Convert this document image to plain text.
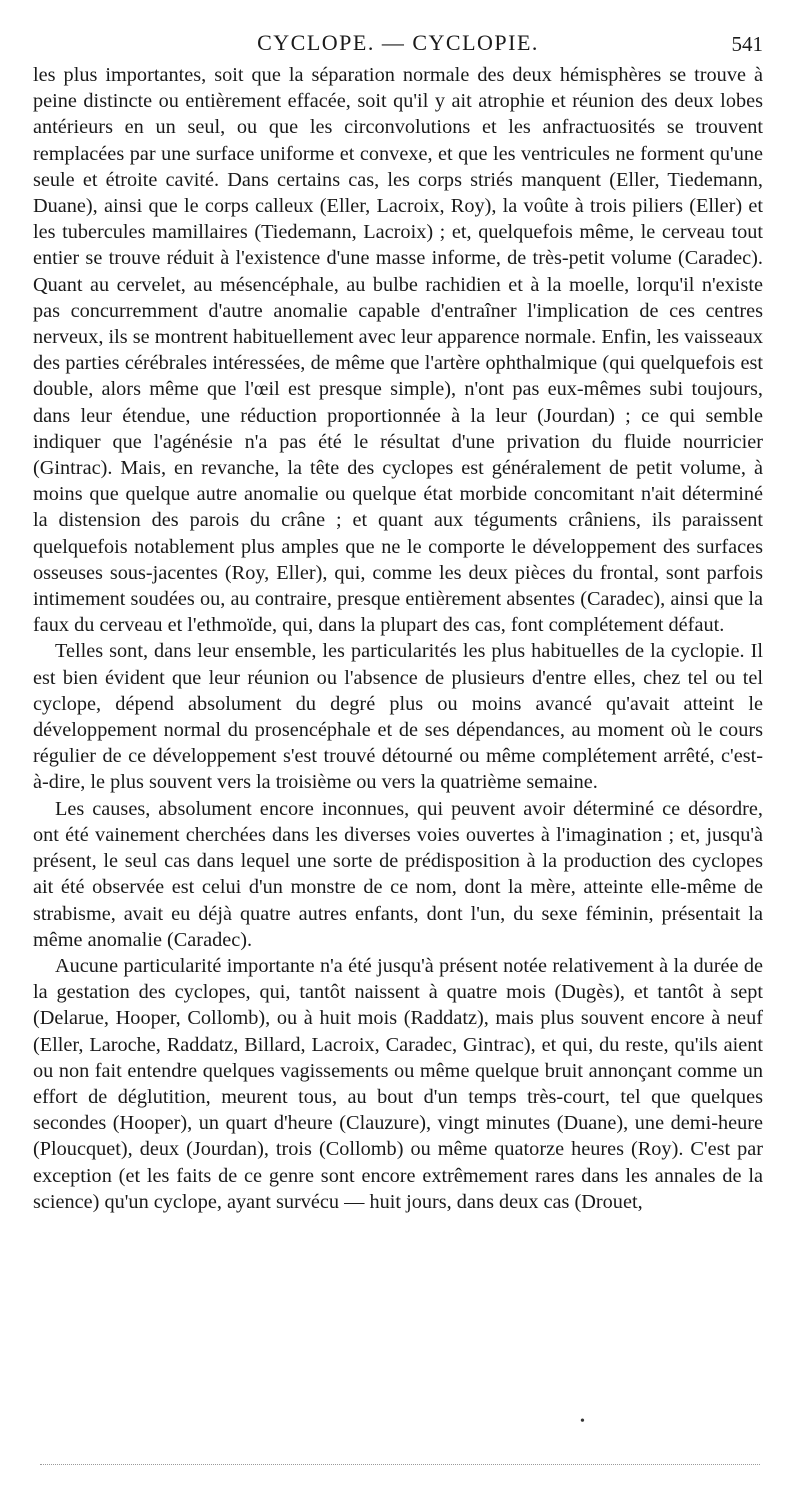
CYCLOPE. — CYCLOPIE.	541

les plus importantes, soit que la séparation normale des deux hémisphères se trouve à peine distincte ou entièrement effacée, soit qu'il y ait atrophie et réunion des deux lobes antérieurs en un seul, ou que les circonvolutions et les anfractuosités se trouvent remplacées par une surface uniforme et convexe, et que les ventricules ne forment qu'une seule et étroite cavité. Dans certains cas, les corps striés manquent (Eller, Tiedemann, Duane), ainsi que le corps calleux (Eller, Lacroix, Roy), la voûte à trois piliers (Eller) et les tubercules mamillaires (Tiedemann, Lacroix) ; et, quelquefois même, le cerveau tout entier se trouve réduit à l'existence d'une masse informe, de très-petit volume (Caradec). Quant au cervelet, au mésencéphale, au bulbe rachidien et à la moelle, lorqu'il n'existe pas concurremment d'autre anomalie capable d'entraîner l'implication de ces centres nerveux, ils se montrent habituellement avec leur apparence normale. Enfin, les vaisseaux des parties cérébrales intéressées, de même que l'artère ophthalmique (qui quelquefois est double, alors même que l'œil est presque simple), n'ont pas eux-mêmes subi toujours, dans leur étendue, une réduction proportionnée à la leur (Jourdan) ; ce qui semble indiquer que l'agénésie n'a pas été le résultat d'une privation du fluide nourricier (Gintrac). Mais, en revanche, la tête des cyclopes est généralement de petit volume, à moins que quelque autre anomalie ou quelque état morbide concomitant n'ait déterminé la distension des parois du crâne ; et quant aux téguments crâniens, ils paraissent quelquefois notablement plus amples que ne le comporte le développement des surfaces osseuses sous-jacentes (Roy, Eller), qui, comme les deux pièces du frontal, sont parfois intimement soudées ou, au contraire, presque entièrement absentes (Caradec), ainsi que la faux du cerveau et l'ethmoïde, qui, dans la plupart des cas, font complétement défaut.

Telles sont, dans leur ensemble, les particularités les plus habituelles de la cyclopie. Il est bien évident que leur réunion ou l'absence de plusieurs d'entre elles, chez tel ou tel cyclope, dépend absolument du degré plus ou moins avancé qu'avait atteint le développement normal du prosencéphale et de ses dépendances, au moment où le cours régulier de ce développement s'est trouvé détourné ou même complétement arrêté, c'est-à-dire, le plus souvent vers la troisième ou vers la quatrième semaine.

Les causes, absolument encore inconnues, qui peuvent avoir déterminé ce désordre, ont été vainement cherchées dans les diverses voies ouvertes à l'imagination ; et, jusqu'à présent, le seul cas dans lequel une sorte de prédisposition à la production des cyclopes ait été observée est celui d'un monstre de ce nom, dont la mère, atteinte elle-même de strabisme, avait eu déjà quatre autres enfants, dont l'un, du sexe féminin, présentait la même anomalie (Caradec).

Aucune particularité importante n'a été jusqu'à présent notée relativement à la durée de la gestation des cyclopes, qui, tantôt naissent à quatre mois (Dugès), et tantôt à sept (Delarue, Hooper, Collomb), ou à huit mois (Raddatz), mais plus souvent encore à neuf (Eller, Laroche, Raddatz, Billard, Lacroix, Caradec, Gintrac), et qui, du reste, qu'ils aient ou non fait entendre quelques vagissements ou même quelque bruit annonçant comme un effort de déglutition, meurent tous, au bout d'un temps très-court, tel que quelques secondes (Hooper), un quart d'heure (Clauzure), vingt minutes (Duane), une demi-heure (Ploucquet), deux (Jourdan), trois (Collomb) ou même quatorze heures (Roy). C'est par exception (et les faits de ce genre sont encore extrêmement rares dans les annales de la science) qu'un cyclope, ayant survécu — huit jours, dans deux cas (Drouet,

•
